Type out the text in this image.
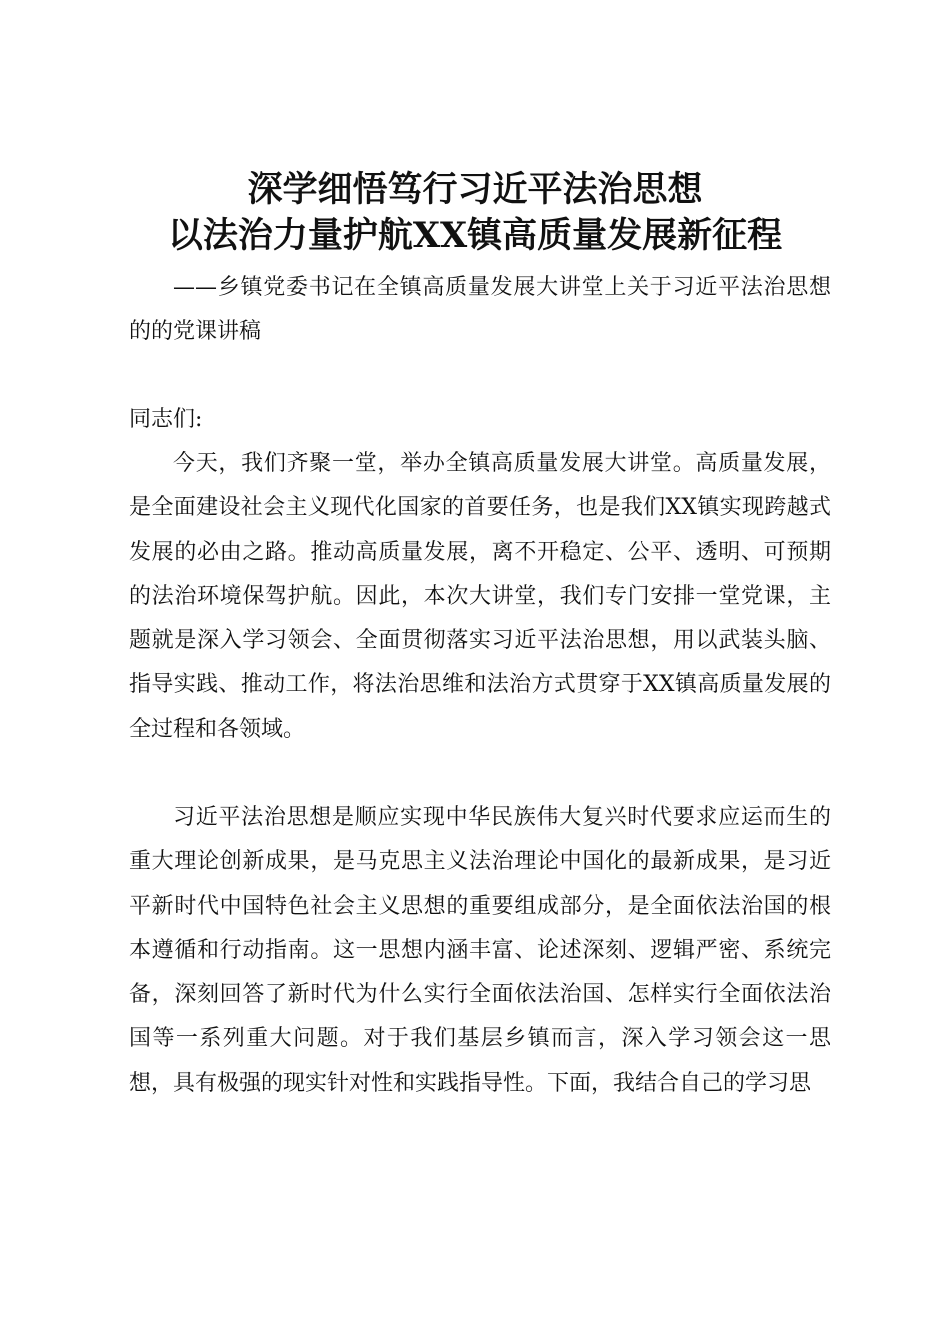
深学细悟笃行习近平法治思想
以法治力量护航XX镇高质量发展新征程
——乡镇党委书记在全镇高质量发展大讲堂上关于习近平法治思想的的党课讲稿
同志们:
今天，我们齐聚一堂，举办全镇高质量发展大讲堂。高质量发展，是全面建设社会主义现代化国家的首要任务，也是我们XX镇实现跨越式发展的必由之路。推动高质量发展，离不开稳定、公平、透明、可预期的法治环境保驾护航。因此，本次大讲堂，我们专门安排一堂党课，主题就是深入学习领会、全面贯彻落实习近平法治思想，用以武装头脑、指导实践、推动工作，将法治思维和法治方式贯穿于XX镇高质量发展的全过程和各领域。
习近平法治思想是顺应实现中华民族伟大复兴时代要求应运而生的重大理论创新成果，是马克思主义法治理论中国化的最新成果，是习近平新时代中国特色社会主义思想的重要组成部分，是全面依法治国的根本遵循和行动指南。这一思想内涵丰富、论述深刻、逻辑严密、系统完备，深刻回答了新时代为什么实行全面依法治国、怎样实行全面依法治国等一系列重大问题。对于我们基层乡镇而言，深入学习领会这一思想，具有极强的现实针对性和实践指导性。下面，我结合自己的学习思
